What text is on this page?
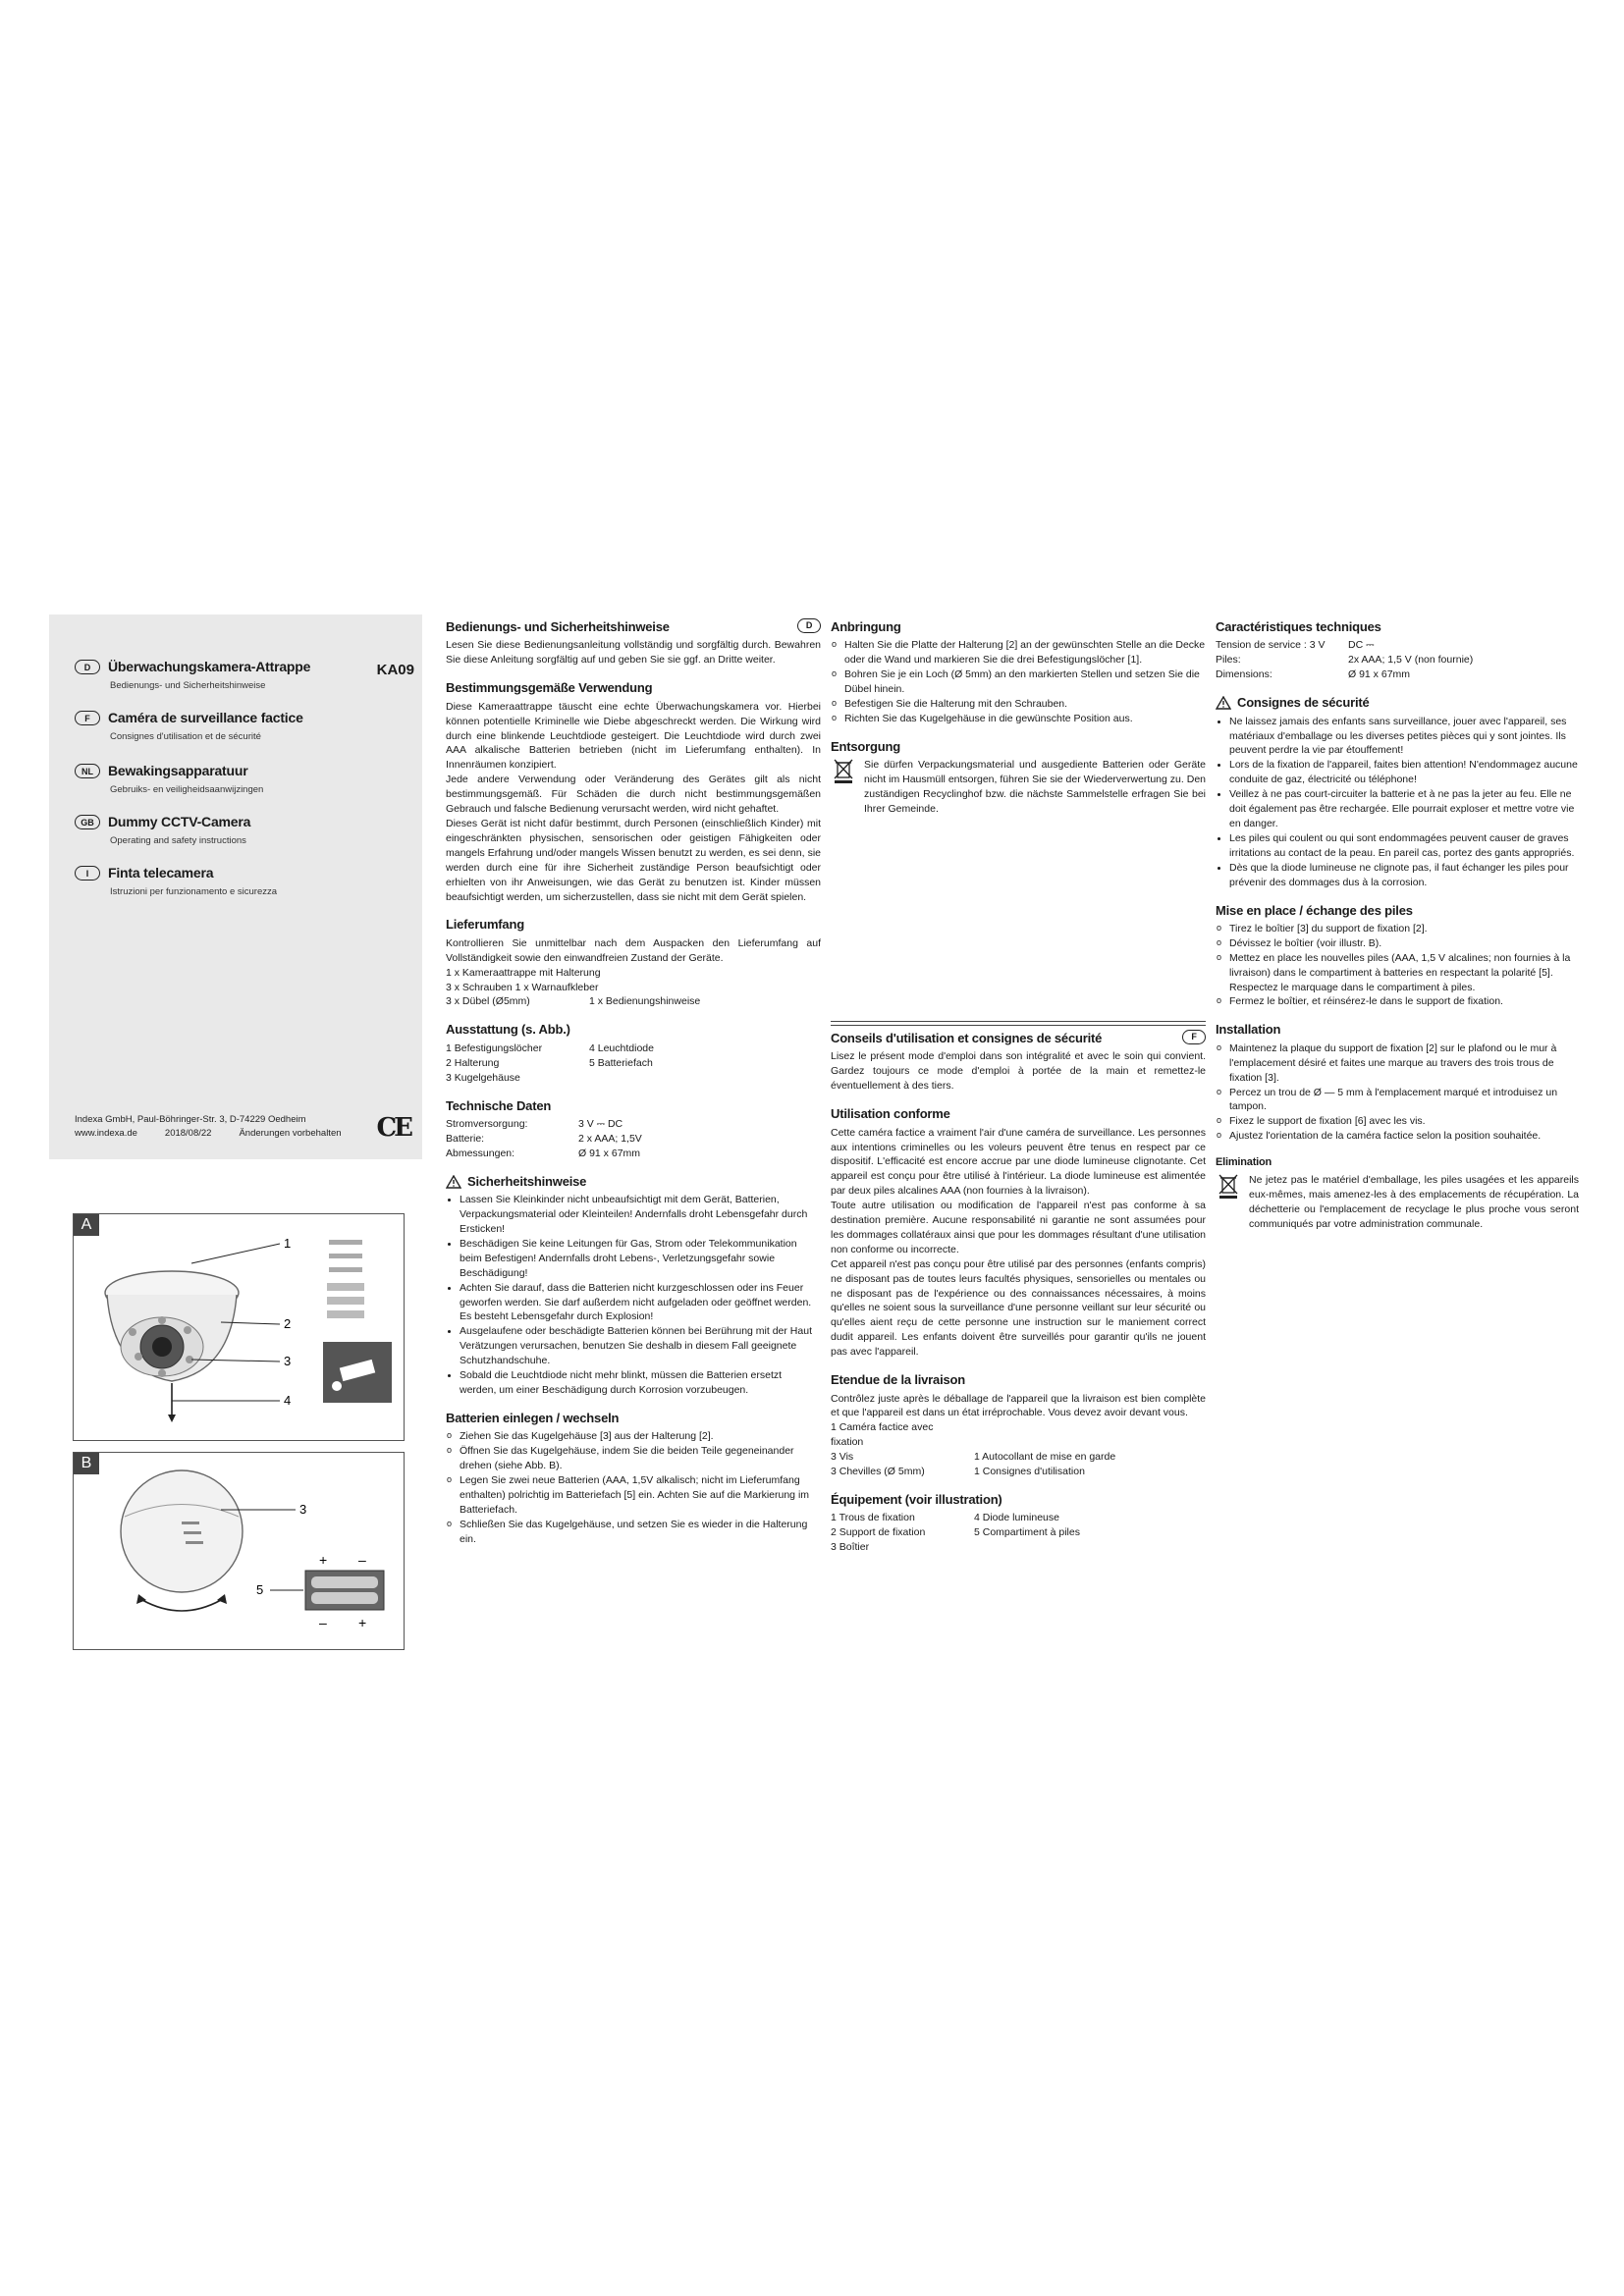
KA09
D	Überwachungskamera-Attrappe
Bedienungs- und Sicherheitshinweise
F	Caméra de surveillance factice
Consignes d'utilisation et de sécurité
NL	Bewakingsapparatuur
Gebruiks- en veiligheidsaanwijzingen
GB	Dummy CCTV-Camera
Operating and safety instructions
I	Finta telecamera
Istruzioni per funzionamento e sicurezza
Indexa GmbH, Paul-Böhringer-Str. 3, D-74229 Oedheim
www.indexa.de	2018/08/22	Änderungen vorbehalten CE
A
1
2
3
4
B
3
5
+ –
– +
D
Bedienungs- und Sicherheitshinweise

Lesen Sie diese Bedienungsanleitung vollständig und sorgfältig durch. Bewahren Sie diese Anleitung sorgfältig auf und geben Sie sie ggf. an Dritte weiter.

Bestimmungsgemäße Verwendung

Diese Kameraattrappe täuscht eine echte Überwachungskamera vor. Hierbei können potentielle Kriminelle wie Diebe abgeschreckt werden. Die Wirkung wird durch eine blinkende Leuchtdiode gesteigert. Die Leuchtdiode wird durch zwei AAA alkalische Batterien betrieben (nicht im Lieferumfang enthalten). In Innenräumen konzipiert.

Jede andere Verwendung oder Veränderung des Gerätes gilt als nicht bestimmungsgemäß. Für Schäden die durch nicht bestimmungsgemäßen Gebrauch und falsche Bedienung verursacht werden, wird nicht gehaftet.

Dieses Gerät ist nicht dafür bestimmt, durch Personen (einschließlich Kinder) mit eingeschränkten physischen, sensorischen oder geistigen Fähigkeiten oder mangels Erfahrung und/oder mangels Wissen benutzt zu werden, es sei denn, sie werden durch eine für ihre Sicherheit zuständige Person beaufsichtigt oder erhielten von ihr Anweisungen, wie das Gerät zu benutzen ist. Kinder müssen beaufsichtigt werden, um sicherzustellen, dass sie nicht mit dem Gerät spielen.

Lieferumfang

Kontrollieren Sie unmittelbar nach dem Auspacken den Lieferumfang auf Vollständigkeit sowie den einwandfreien Zustand der Geräte.

1 x Kameraattrappe mit Halterung
3 x Schrauben 1 x Warnaufkleber
3 x Dübel (Ø5mm)	1 x Bedienungshinweise
Ausstattung (s. Abb.)
1 Befestigungslöcher	4 Leuchtdiode
2 Halterung	5 Batteriefach
3 Kugelgehäuse
Technische Daten
Stromversorgung:	3 V ⎓ DC
Batterie:	2 x AAA; 1,5V
Abmessungen:	Ø 91 x 67mm
Sicherheitshinweise
• Lassen Sie Kleinkinder nicht unbeaufsichtigt mit dem Gerät, Batterien, Verpackungsmaterial oder Kleinteilen! Andernfalls droht Lebensgefahr durch Ersticken!
• Beschädigen Sie keine Leitungen für Gas, Strom oder Telekommunikation beim Befestigen! Andernfalls droht Lebens-, Verletzungsgefahr sowie Beschädigung!
• Achten Sie darauf, dass die Batterien nicht kurzgeschlossen oder ins Feuer geworfen werden. Sie darf außerdem nicht aufgeladen oder geöffnet werden. Es besteht Lebensgefahr durch Explosion!
• Ausgelaufene oder beschädigte Batterien können bei Berührung mit der Haut Verätzungen verursachen, benutzen Sie deshalb in diesem Fall geeignete Schutzhandschuhe.
• Sobald die Leuchtdiode nicht mehr blinkt, müssen die Batterien ersetzt werden, um einer Beschädigung durch Korrosion vorzubeugen.
Batterien einlegen / wechseln
o Ziehen Sie das Kugelgehäuse [3] aus der Halterung [2].
o Öffnen Sie das Kugelgehäuse, indem Sie die beiden Teile gegeneinander drehen (siehe Abb. B).
o Legen Sie zwei neue Batterien (AAA, 1,5V alkalisch; nicht im Lieferumfang enthalten) polrichtig im Batteriefach [5] ein. Achten Sie auf die Markierung im Batteriefach.
o Schließen Sie das Kugelgehäuse, und setzen Sie es wieder in die Halterung ein.
Anbringung
o Halten Sie die Platte der Halterung [2] an der gewünschten Stelle an die Decke oder die Wand und markieren Sie die drei Befestigungslöcher [1].
o Bohren Sie je ein Loch (Ø 5mm) an den markierten Stellen und setzen Sie die Dübel hinein.
o Befestigen Sie die Halterung mit den Schrauben.
o Richten Sie das Kugelgehäuse in die gewünschte Position aus.
Entsorgung

Sie dürfen Verpackungsmaterial und ausgediente Batterien oder Geräte nicht im Hausmüll entsorgen, führen Sie sie der Wiederverwertung zu. Den zuständigen Recyclinghof bzw. die nächste Sammelstelle erfragen Sie bei Ihrer Gemeinde.

F
Conseils d'utilisation et consignes de sécurité

Lisez le présent mode d'emploi dans son intégralité et avec le soin qui convient. Gardez toujours ce mode d'emploi à portée de la main et remettez-le éventuellement à des tiers.

Utilisation conforme

Cette caméra factice a vraiment l'air d'une caméra de surveillance. Les personnes aux intentions criminelles ou les voleurs peuvent être tenus en respect par ce dispositif. L'efficacité est encore accrue par une diode lumineuse clignotante. Cet appareil est conçu pour être utilisé à l'intérieur. La diode lumineuse est alimentée par deux piles alcalines AAA (non fournies à la livraison).

Toute autre utilisation ou modification de l'appareil n'est pas conforme à sa destination première. Aucune responsabilité ni garantie ne sont assumées pour les dommages collatéraux ainsi que pour les dommages résultant d'une utilisation non conforme ou incorrecte.

Cet appareil n'est pas conçu pour être utilisé par des personnes (enfants compris) ne disposant pas de toutes leurs facultés physiques, sensorielles ou mentales ou ne disposant pas de l'expérience ou des connaissances nécessaires, à moins qu'elles ne soient sous la surveillance d'une personne veillant sur leur sécurité ou qu'elles aient reçu de cette personne une instruction sur le maniement correct dudit appareil. Les enfants doivent être surveillés pour garantir qu'ils ne jouent pas avec l'appareil.

Etendue de la livraison

Contrôlez juste après le déballage de l'appareil que la livraison est bien complète et que l'appareil est dans un état irréprochable. Vous devez avoir devant vous.

1 Caméra factice avec fixation
3 Vis	1 Autocollant de mise en garde
3 Chevilles (Ø 5mm)	1 Consignes d'utilisation
Équipement (voir illustration)
1 Trous de fixation	4 Diode lumineuse
2 Support de fixation	5 Compartiment à piles
3 Boîtier
Caractéristiques techniques
Tension de service : 3 V	DC ⎓
Piles:	2x AAA; 1,5 V (non fournie)
Dimensions:	Ø 91 x 67mm
Consignes de sécurité
• Ne laissez jamais des enfants sans surveillance, jouer avec l'appareil, ses matériaux d'emballage ou les diverses petites pièces qui y sont jointes. Ils peuvent perdre la vie par étouffement!
• Lors de la fixation de l'appareil, faites bien attention! N'endommagez aucune conduite de gaz, électricité ou téléphone!
• Veillez à ne pas court-circuiter la batterie et à ne pas la jeter au feu. Elle ne doit également pas être rechargée. Elle pourrait exploser et mettre votre vie en danger.
• Les piles qui coulent ou qui sont endommagées peuvent causer de graves irritations au contact de la peau. En pareil cas, portez des gants appropriés.
• Dès que la diode lumineuse ne clignote pas, il faut échanger les piles pour prévenir des dommages dus à la corrosion.
Mise en place / échange des piles
o Tirez le boîtier [3] du support de fixation [2].
o Dévissez le boîtier (voir illustr. B).
o Mettez en place les nouvelles piles (AAA, 1,5 V alcalines; non fournies à la livraison) dans le compartiment à batteries en respectant la polarité [5]. Respectez le marquage dans le compartiment à piles.
o Fermez le boîtier, et réinsérez-le dans le support de fixation.
Installation
o Maintenez la plaque du support de fixation [2] sur le plafond ou le mur à l'emplacement désiré et faites une marque au travers des trois trous de fixation [3].
o Percez un trou de Ø — 5 mm à l'emplacement marqué et introduisez un tampon.
o Fixez le support de fixation [6] avec les vis.
o Ajustez l'orientation de la caméra factice selon la position souhaitée.
Elimination

Ne jetez pas le matériel d'emballage, les piles usagées et les appareils eux-mêmes, mais amenez-les à des emplacements de récupération. La déchetterie ou l'emplacement de recyclage le plus proche vous seront communiqués par votre administration communale.
